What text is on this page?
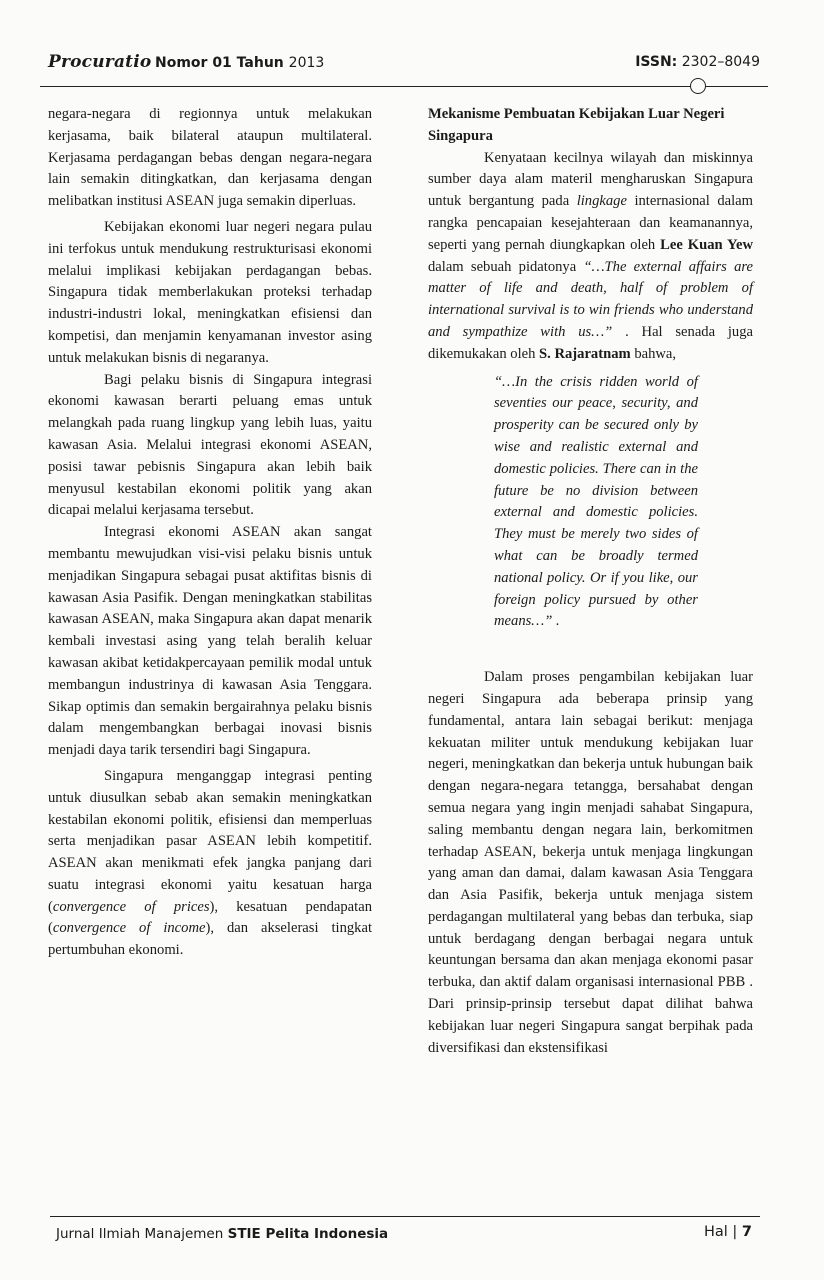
Procuratio Nomor 01 Tahun 2013	ISSN: 2302–8049

negara-negara di regionnya untuk melakukan kerjasama, baik bilateral ataupun multilateral. Kerjasama perdagangan bebas dengan negara-negara lain semakin ditingkatkan, dan kerjasama dengan melibatkan institusi ASEAN juga semakin diperluas.

Kebijakan ekonomi luar negeri negara pulau ini terfokus untuk mendukung restrukturisasi ekonomi melalui implikasi kebijakan perdagangan bebas. Singapura tidak memberlakukan proteksi terhadap industri-industri lokal, meningkatkan efisiensi dan kompetisi, dan menjamin kenyamanan investor asing untuk melakukan bisnis di negaranya.

Bagi pelaku bisnis di Singapura integrasi ekonomi kawasan berarti peluang emas untuk melangkah pada ruang lingkup yang lebih luas, yaitu kawasan Asia. Melalui integrasi ekonomi ASEAN, posisi tawar pebisnis Singapura akan lebih baik menyusul kestabilan ekonomi politik yang akan dicapai melalui kerjasama tersebut.

Integrasi ekonomi ASEAN akan sangat membantu mewujudkan visi-visi pelaku bisnis untuk menjadikan Singapura sebagai pusat aktifitas bisnis di kawasan Asia Pasifik. Dengan meningkatkan stabilitas kawasan ASEAN, maka Singapura akan dapat menarik kembali investasi asing yang telah beralih keluar kawasan akibat ketidakpercayaan pemilik modal untuk membangun industrinya di kawasan Asia Tenggara. Sikap optimis dan semakin bergairahnya pelaku bisnis dalam mengembangkan berbagai inovasi bisnis menjadi daya tarik tersendiri bagi Singapura.

Singapura menganggap integrasi penting untuk diusulkan sebab akan semakin meningkatkan kestabilan ekonomi politik, efisiensi dan memperluas serta menjadikan pasar ASEAN lebih kompetitif. ASEAN akan menikmati efek jangka panjang dari suatu integrasi ekonomi yaitu kesatuan harga (convergence of prices), kesatuan pendapatan (convergence of income), dan akselerasi tingkat pertumbuhan ekonomi.

Mekanisme Pembuatan Kebijakan Luar Negeri Singapura

Kenyataan kecilnya wilayah dan miskinnya sumber daya alam materil mengharuskan Singapura untuk bergantung pada lingkage internasional dalam rangka pencapaian kesejahteraan dan keamanannya, seperti yang pernah diungkapkan oleh Lee Kuan Yew dalam sebuah pidatonya “…The external affairs are matter of life and death, half of problem of international survival is to win friends who understand and sympathize with us…” . Hal senada juga dikemukakan oleh S. Rajaratnam bahwa,

“…In the crisis ridden world of seventies our peace, security, and prosperity can be secured only by wise and realistic external and domestic policies. There can in the future be no division between external and domestic policies. They must be merely two sides of what can be broadly termed national policy. Or if you like, our foreign policy pursued by other means…” .

Dalam proses pengambilan kebijakan luar negeri Singapura ada beberapa prinsip yang fundamental, antara lain sebagai berikut: menjaga kekuatan militer untuk mendukung kebijakan luar negeri, meningkatkan dan bekerja untuk hubungan baik dengan negara-negara tetangga, bersahabat dengan semua negara yang ingin menjadi sahabat Singapura, saling membantu dengan negara lain, berkomitmen terhadap ASEAN, bekerja untuk menjaga lingkungan yang aman dan damai, dalam kawasan Asia Tenggara dan Asia Pasifik, bekerja untuk menjaga sistem perdagangan multilateral yang bebas dan terbuka, siap untuk berdagang dengan berbagai negara untuk keuntungan bersama dan akan menjaga ekonomi pasar terbuka, dan aktif dalam organisasi internasional PBB . Dari prinsip-prinsip tersebut dapat dilihat bahwa kebijakan luar negeri Singapura sangat berpihak pada diversifikasi dan ekstensifikasi

Jurnal Ilmiah Manajemen STIE Pelita Indonesia	Hal | 7
